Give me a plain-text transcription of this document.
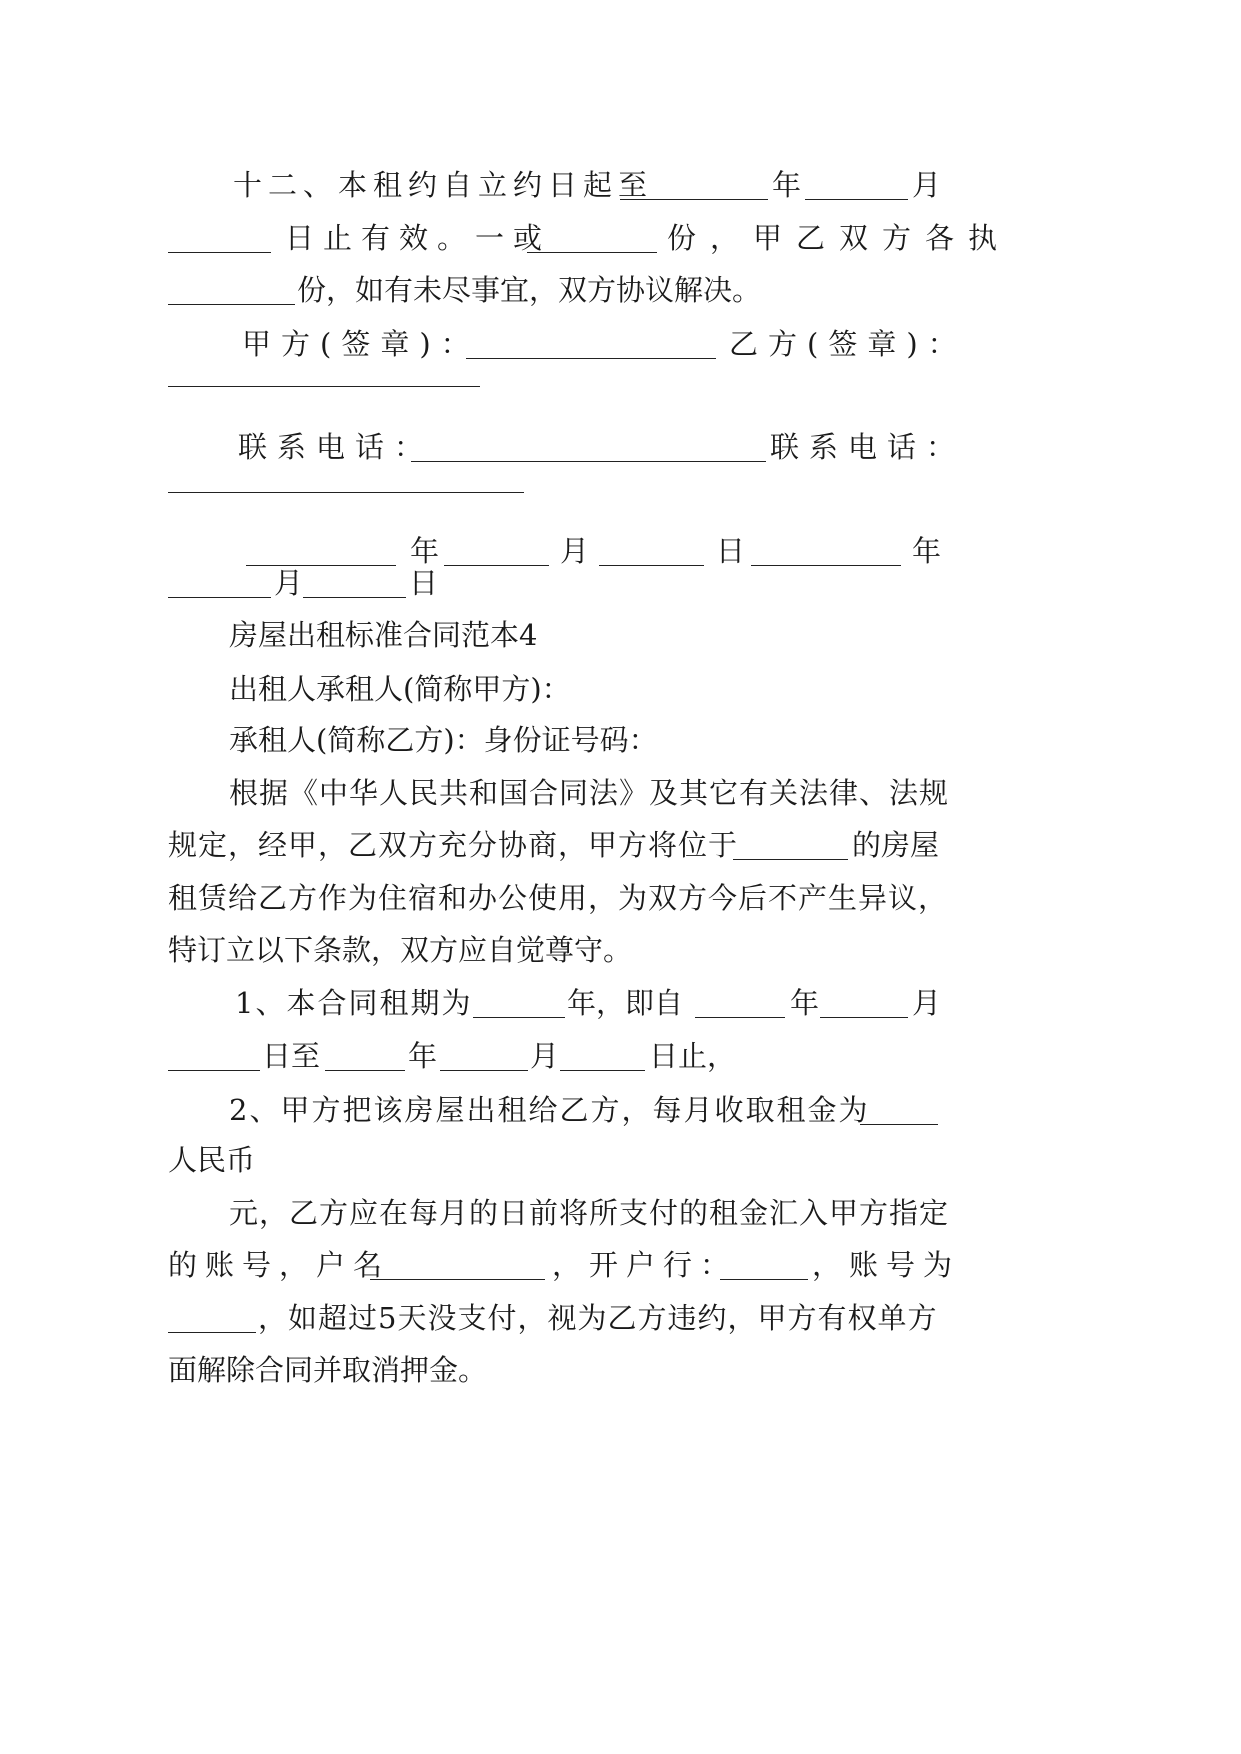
十二、本租约自立约日起至	年	月
日止有效。一或	份，甲乙双方各执
份，如有未尽事宜，双方协议解决。
甲方(签章)：	乙方(签章)：
联系电话：	联系电话：
年	月	日	年
月	日
房屋出租标准合同范本4
出租人承租人(简称甲方)：
承租人(简称乙方)：身份证号码：
根据《中华人民共和国合同法》及其它有关法律、法规
规定，经甲，乙双方充分协商，甲方将位于	的房屋
租赁给乙方作为住宿和办公使用，为双方今后不产生异议，
特订立以下条款，双方应自觉尊守。
1、本合同租期为	年，即自	年	月
日至	年	月	日止，
2、甲方把该房屋出租给乙方，每月收取租金为
人民币
元，乙方应在每月的日前将所支付的租金汇入甲方指定
的账号，户名	，开户行：	，账号为
，如超过5天没支付，视为乙方违约，甲方有权单方
面解除合同并取消押金。
